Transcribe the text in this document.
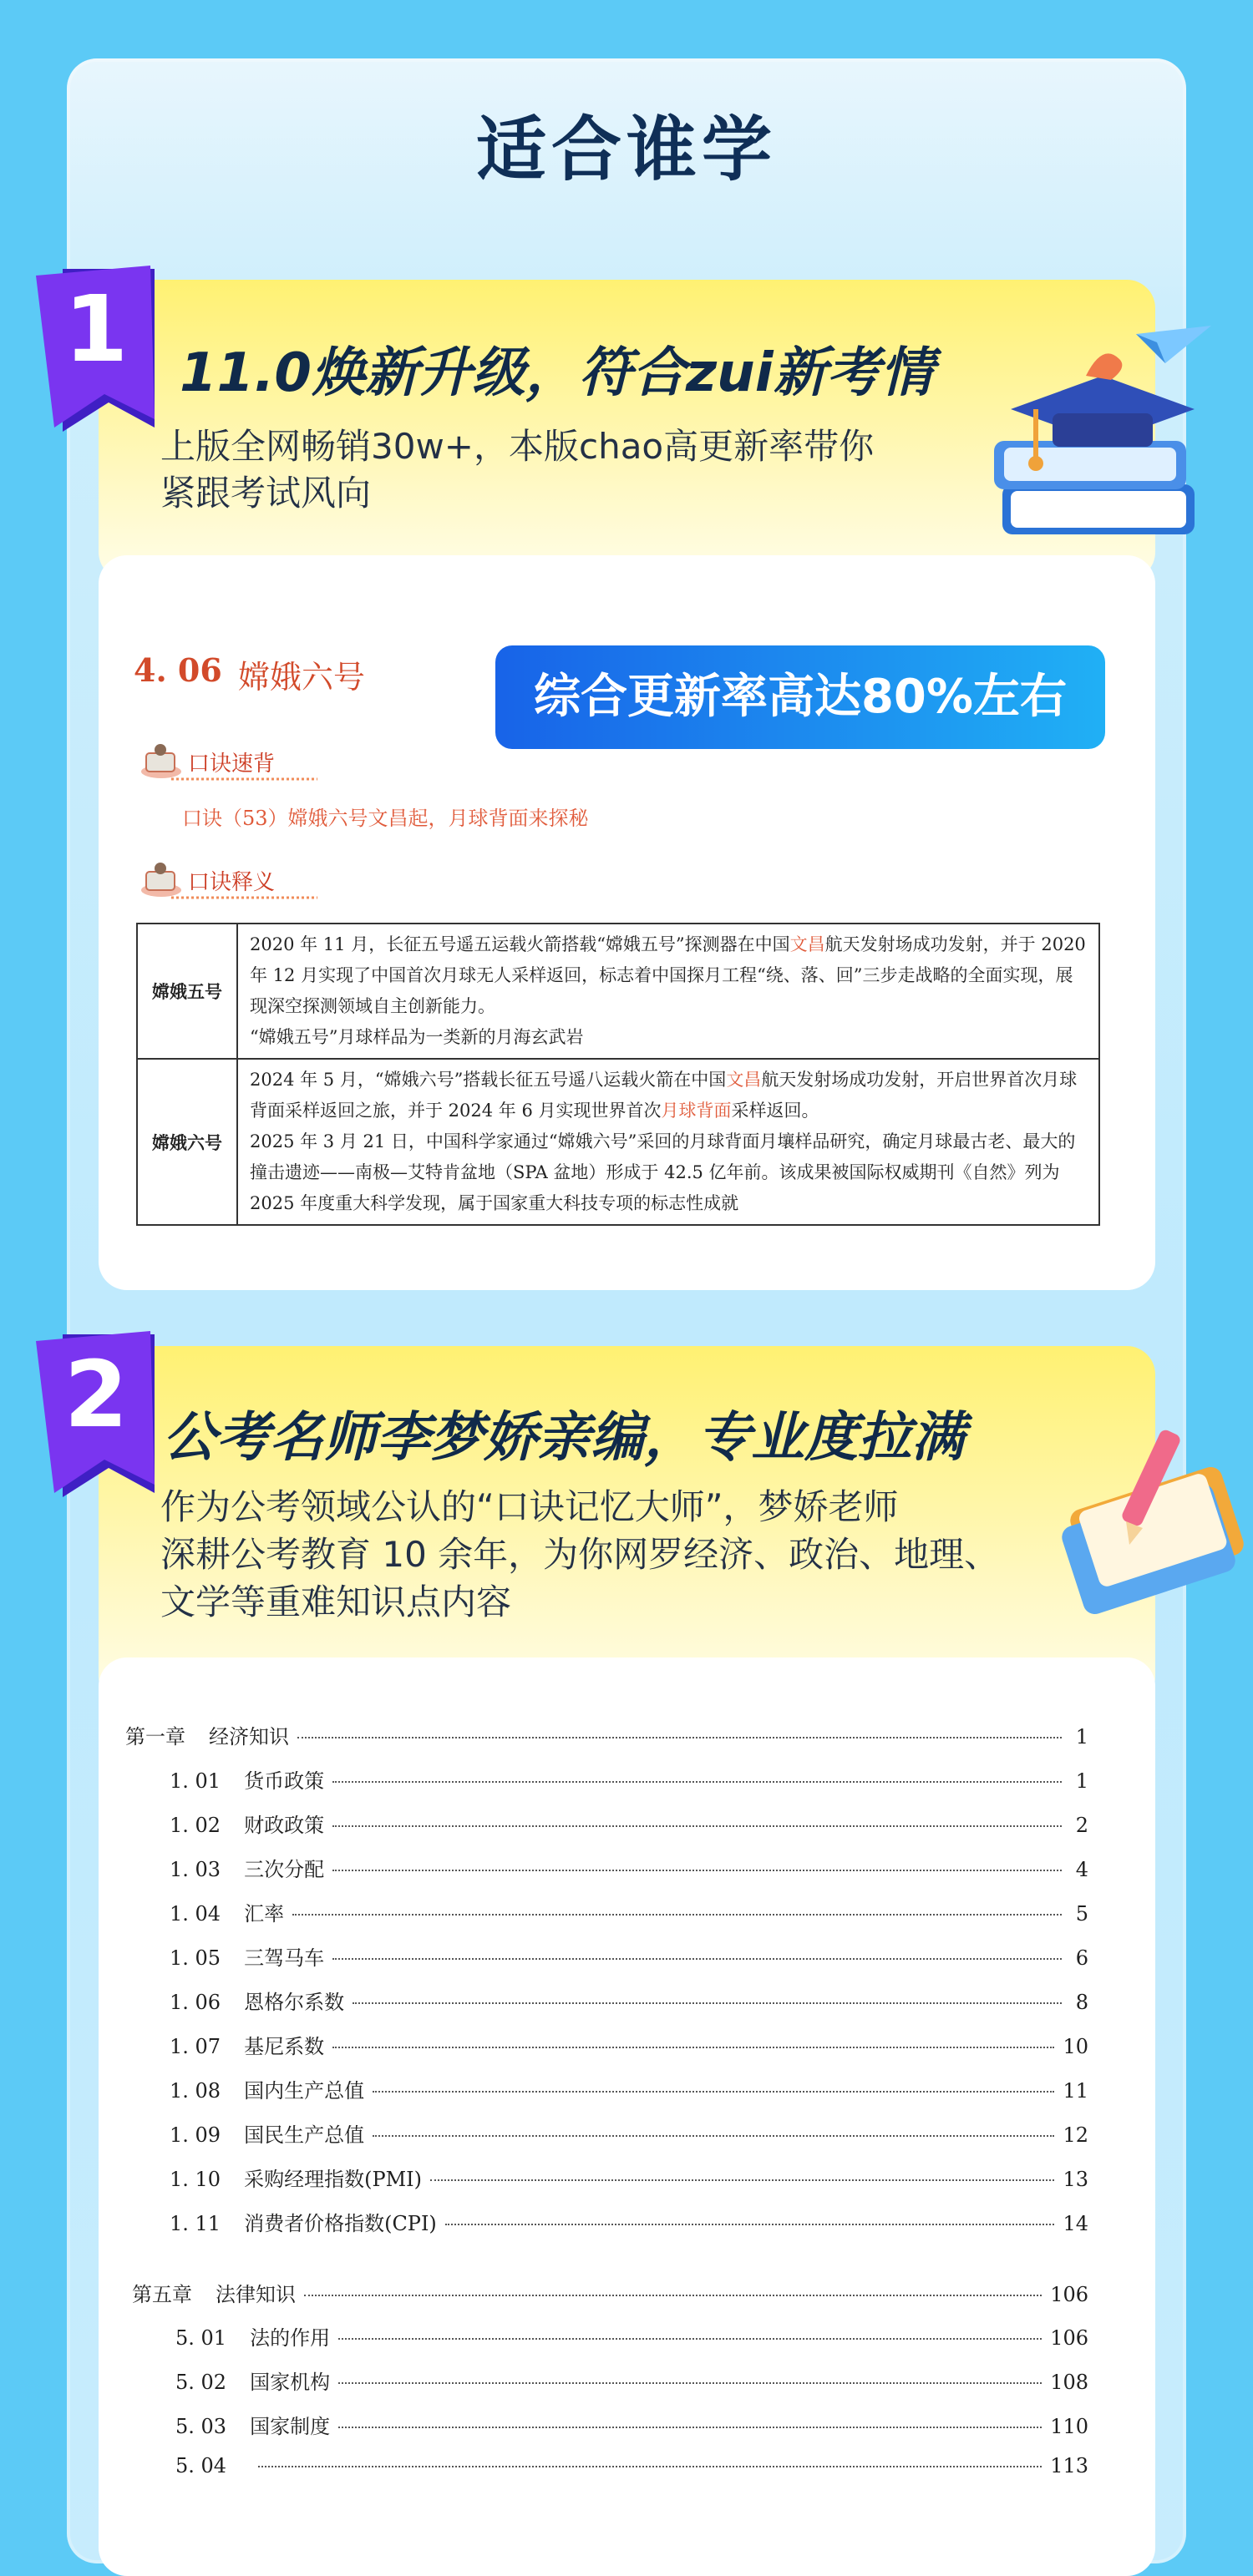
适合谁学
1 11.0焕新升级，符合zui新考情
上版全网畅销30w+，本版chao高更新率带你
紧跟考试风向
4. 06 嫦娥六号	综合更新率高达80%左右
口诀速背
口诀（53）嫦娥六号文昌起，月球背面来探秘
口诀释义
嫦娥五号	2020 年 11 月，长征五号遥五运载火箭搭载“嫦娥五号”探测器在中国文昌航天发射场成功发射，并于 2020 年 12 月实现了中国首次月球无人采样返回，标志着中国探月工程“绕、落、回”三步走战略的全面实现，展现深空探测领域自主创新能力。
“嫦娥五号”月球样品为一类新的月海玄武岩

嫦娥六号	2024 年 5 月，“嫦娥六号”搭载长征五号遥八运载火箭在中国文昌航天发射场成功发射，开启世界首次月球背面采样返回之旅，并于 2024 年 6 月实现世界首次月球背面采样返回。
2025 年 3 月 21 日，中国科学家通过“嫦娥六号”采回的月球背面月壤样品研究，确定月球最古老、最大的撞击遗迹——南极—艾特肯盆地（SPA 盆地）形成于 42.5 亿年前。该成果被国际权威期刊《自然》列为 2025 年度重大科学发现，属于国家重大科技专项的标志性成就
2 公考名师李梦娇亲编，专业度拉满
作为公考领域公认的“口诀记忆大师”，梦娇老师
深耕公考教育 10 余年，为你网罗经济、政治、地理、
文学等重难知识点内容
第一章 经济知识	1
1. 01 货币政策	1
1. 02 财政政策	2
1. 03 三次分配	4
1. 04 汇率	5
1. 05 三驾马车	6
1. 06 恩格尔系数	8
1. 07 基尼系数	10
1. 08 国内生产总值	11
1. 09 国民生产总值	12
1. 10 采购经理指数(PMI)	13
1. 11 消费者价格指数(CPI)	14
第五章 法律知识	106
5. 01 法的作用	106
5. 02 国家机构	108
5. 03 国家制度	110
5. 04	113
